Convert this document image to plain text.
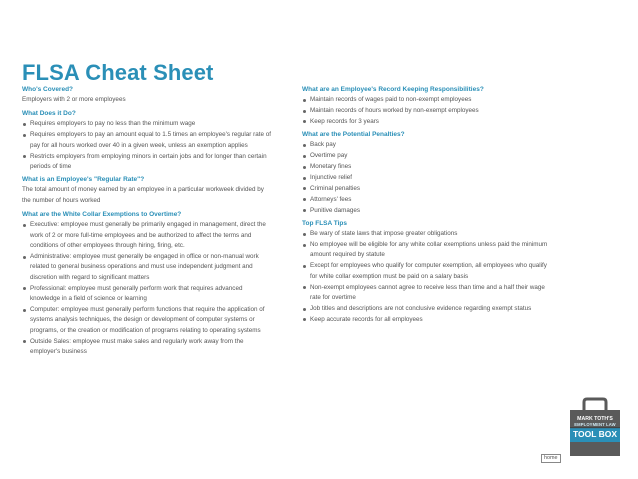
FLSA Cheat Sheet
Who's Covered?
Employers with 2 or more employees
What Does it Do?
Requires employers to pay no less than the minimum wage
Requires employers to pay an amount equal to 1.5 times an employee's regular rate of pay for all hours worked over 40 in a given week, unless an exemption applies
Restricts employers from employing minors in certain jobs and for longer than certain periods of time
What is an Employee's "Regular Rate"?
The total amount of money earned by an employee in a particular workweek divided by the number of hours worked
What are the White Collar Exemptions to Overtime?
Executive: employee must generally be primarily engaged in management, direct the work of 2 or more full-time employees and be authorized to affect the terms and conditions of other employees through hiring, firing, etc.
Administrative: employee must generally be engaged in office or non-manual work related to general business operations and must use independent judgment and discretion with regard to significant matters
Professional: employee must generally perform work that requires advanced knowledge in a field of science or learning
Computer: employee must generally perform functions that require the application of systems analysis techniques, the design or development of computer systems or programs, or the creation or modification of programs relating to operating systems
Outside Sales: employee must make sales and regularly work away from the employer's business
What are an Employee's Record Keeping Responsibilities?
Maintain records of wages paid to non-exempt employees
Maintain records of hours worked by non-exempt employees
Keep records for 3 years
What are the Potential Penalties?
Back pay
Overtime pay
Monetary fines
Injunctive relief
Criminal penalties
Attorneys' fees
Punitive damages
Top FLSA Tips
Be wary of state laws that impose greater obligations
No employee will be eligible for any white collar exemptions unless paid the minimum amount required by statute
Except for employees who qualify for computer exemption, all employees who qualify for white collar exemption must be paid on a salary basis
Non-exempt employees cannot agree to receive less than time and a half their wage rate for overtime
Job titles and descriptions are not conclusive evidence regarding exempt status
Keep accurate records for all employees
MARK TOTH'S
EMPLOYMENT LAW
TOOL BOX
home
